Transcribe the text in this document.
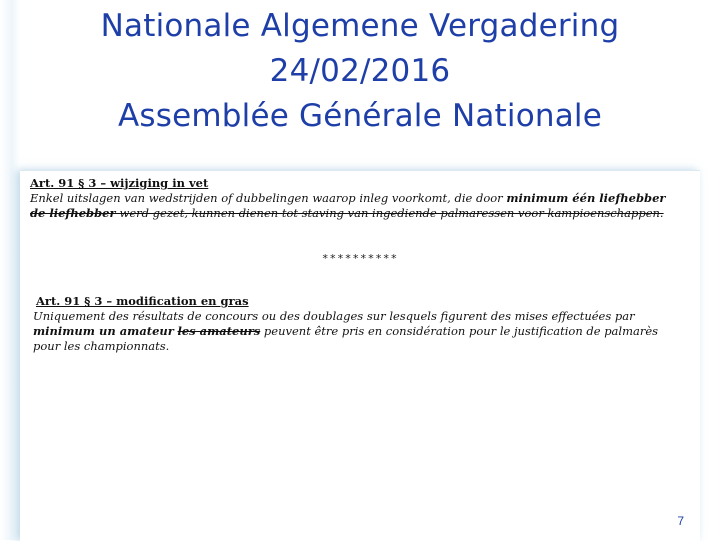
Nationale Algemene Vergadering
24/02/2016
Assemblée Générale Nationale
Art. 91 § 3 – wijziging in vet
Enkel uitslagen van wedstrijden of dubbelingen waarop inleg voorkomt, die door minimum één liefhebber
de liefhebber werd gezet, kunnen dienen tot staving van ingediende palmaressen voor kampioenschappen.
**********
Art. 91 § 3 – modification en gras
Uniquement des résultats de concours ou des doublages sur lesquels figurent des mises effectuées par
minimum un amateur les amateurs peuvent être pris en considération pour le justification de palmarès
pour les championnats.
7
